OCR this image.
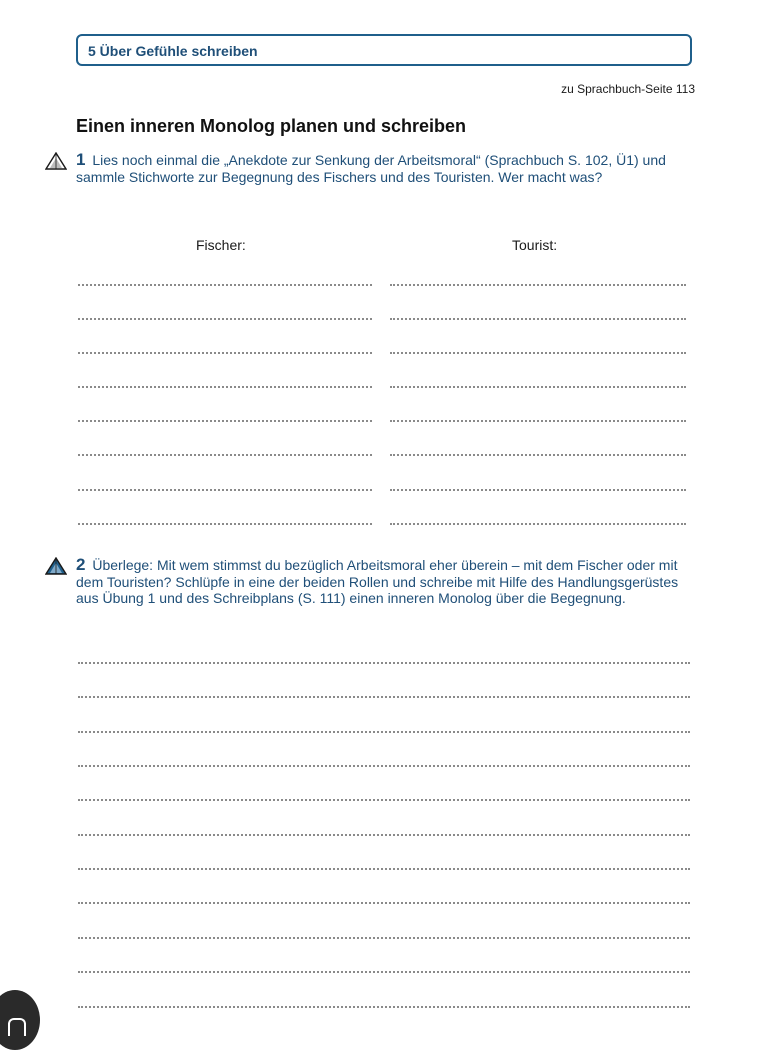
5 Über Gefühle schreiben
zu Sprachbuch-Seite 113
Einen inneren Monolog planen und schreiben
1 Lies noch einmal die „Anekdote zur Senkung der Arbeitsmoral“ (Sprachbuch S. 102, Ü1) und sammle Stichworte zur Begegnung des Fischers und des Touristen. Wer macht was?
Fischer:	Tourist:
2 Überlege: Mit wem stimmst du bezüglich Arbeitsmoral eher überein – mit dem Fischer oder mit dem Touristen? Schlüpfe in eine der beiden Rollen und schreibe mit Hilfe des Handlungsgerüstes aus Übung 1 und des Schreibplans (S. 111) einen inneren Monolog über die Begegnung.
